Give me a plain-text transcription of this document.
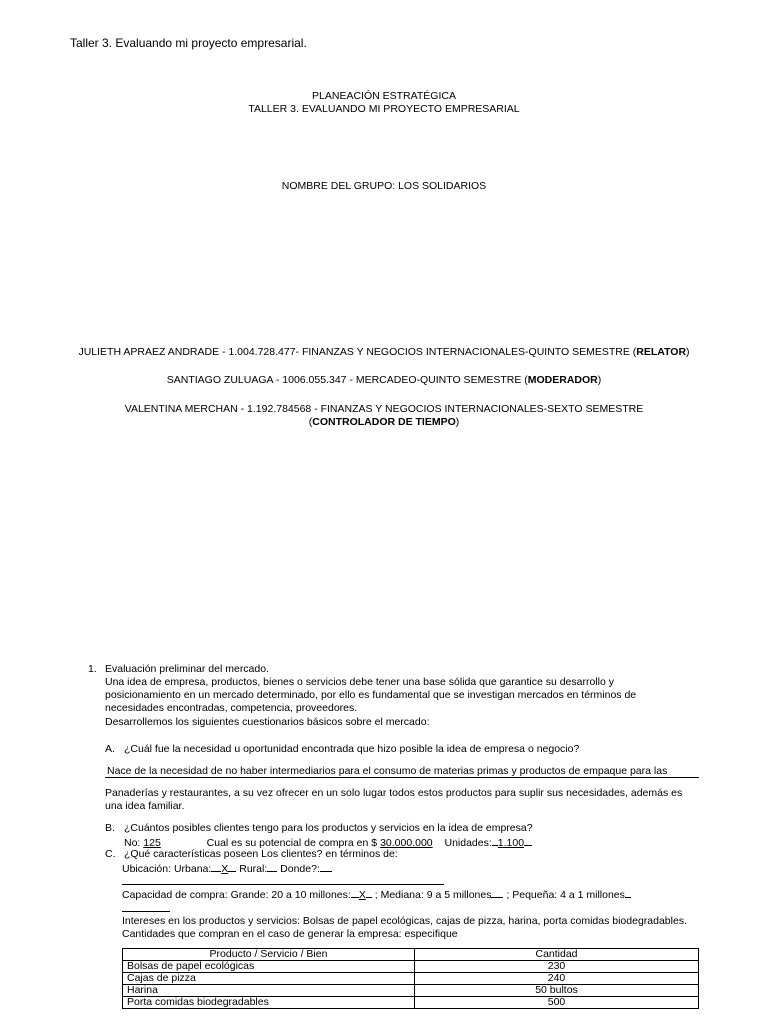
Taller 3. Evaluando mi proyecto empresarial.
PLANEACIÓN ESTRATÉGICA
TALLER 3. EVALUANDO MI PROYECTO EMPRESARIAL
NOMBRE DEL GRUPO: LOS SOLIDARIOS
JULIETH APRAEZ ANDRADE - 1.004.728.477- FINANZAS Y NEGOCIOS INTERNACIONALES-QUINTO SEMESTRE (RELATOR)
SANTIAGO ZULUAGA - 1006.055.347 - MERCADEO-QUINTO SEMESTRE (MODERADOR)
VALENTINA MERCHAN - 1.192.784568 - FINANZAS Y NEGOCIOS INTERNACIONALES-SEXTO SEMESTRE
(CONTROLADOR DE TIEMPO)
1. Evaluación preliminar del mercado.
Una idea de empresa, productos, bienes o servicios debe tener una base sólida que garantice su desarrollo y posicionamiento en un mercado determinado, por ello es fundamental que se investigan mercados en términos de necesidades encontradas, competencia, proveedores.
Desarrollemos los siguientes cuestionarios básicos sobre el mercado:
A. ¿Cuál fue la necesidad u oportunidad encontrada que hizo posible la idea de empresa o negocio?
Nace de la necesidad de no haber intermediarios para el consumo de materias primas y productos de empaque para las
Panaderías y restaurantes, a su vez ofrecer en un solo lugar todos estos productos para suplir sus necesidades, además es una idea familiar.
B. ¿Cuántos posibles clientes tengo para los productos y servicios en la idea de empresa?
No: 125	Cual es su potencial de compra en $ 30.000.000 Unidades: 1.100
C. ¿Qué características poseen Los clientes? en términos de:
Ubicación: Urbana: X Rural: Donde?:
Capacidad de compra: Grande: 20 a 10 millones: X ; Mediana: 9 a 5 millones ; Pequeña: 4 a 1 millones
Intereses en los productos y servicios: Bolsas de papel ecológicas, cajas de pizza, harina, porta comidas biodegradables.
Cantidades que compran en el caso de generar la empresa: especifique
Producto / Servicio / Bien	Cantidad
Bolsas de papel ecológicas	230
Cajas de pizza	240
Harina	50 bultos
Porta comidas biodegradables	500
